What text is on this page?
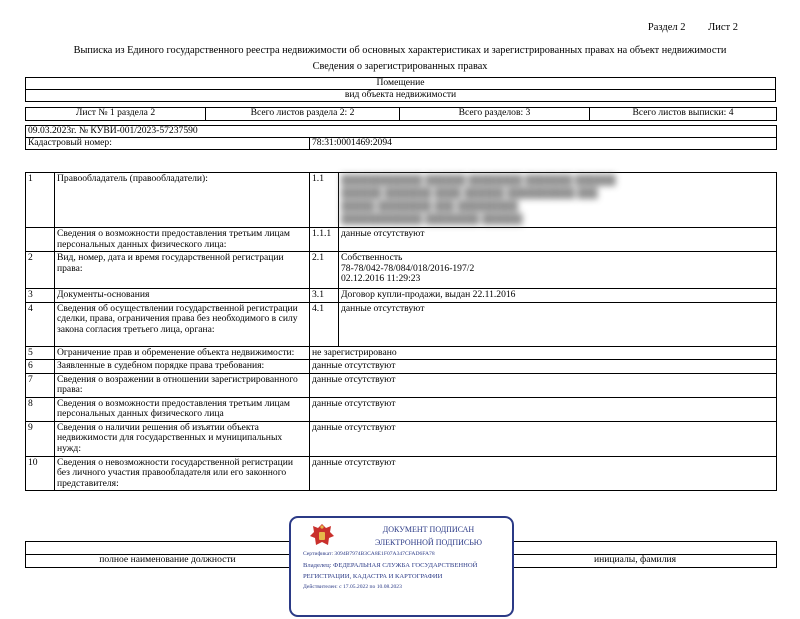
Раздел 2 Лист 2
Выписка из Единого государственного реестра недвижимости об основных характеристиках и зарегистрированных правах на объект недвижимости
Сведения о зарегистрированных правах
Помещение
вид объекта недвижимости
Лист № 1 раздела 2	Всего листов раздела 2: 2	Всего разделов: 3	Всего листов выписки: 4
09.03.2023г. № КУВИ-001/2023-57237590
Кадастровый номер:	78:31:0001469:2094
1	Правообладатель (правообладатели):	1.1	████████████ ██████ ████████ ███████ ██████
██████ ███████ ████ ██████ ██████████ ███
█████ ████████ ███ █████████
████████████ ████████ ██████

	Сведения о возможности предоставления третьим лицам персональных данных физического лица:	1.1.1	данные отсутствуют
2	Вид, номер, дата и время государственной регистрации права:	2.1	Собственность
78-78/042-78/084/018/2016-197/2
02.12.2016 11:29:23

3	Документы-основания	3.1	Договор купли-продажи, выдан 22.11.2016
4	Сведения об осуществлении государственной регистрации сделки, права, ограничения права без необходимого в силу закона согласия третьего лица, органа:	4.1	данные отсутствуют
5	Ограничение прав и обременение объекта недвижимости:	не зарегистрировано	
6	Заявленные в судебном порядке права требования:	данные отсутствуют	
7	Сведения о возражении в отношении зарегистрированного права:	данные отсутствуют	
8	Сведения о возможности предоставления третьим лицам персональных данных физического лица	данные отсутствуют	
9	Сведения о наличии решения об изъятии объекта недвижимости для государственных и муниципальных нужд:	данные отсутствуют	
10	Сведения о невозможности государственной регистрации без личного участия правообладателя или его законного представителя:	данные отсутствуют	

полное наименование должности		инициалы, фамилия
ДОКУМЕНТ ПОДПИСАН
ЭЛЕКТРОННОЙ ПОДПИСЬЮ
Сертификат: 3094B7974B3CA8E1F07A347CFAD6FA78
Владелец: ФЕДЕРАЛЬНАЯ СЛУЖБА ГОСУДАРСТВЕННОЙ
РЕГИСТРАЦИИ, КАДАСТРА И КАРТОГРАФИИ
Действителен: с 17.05.2022 по 10.08.2023
